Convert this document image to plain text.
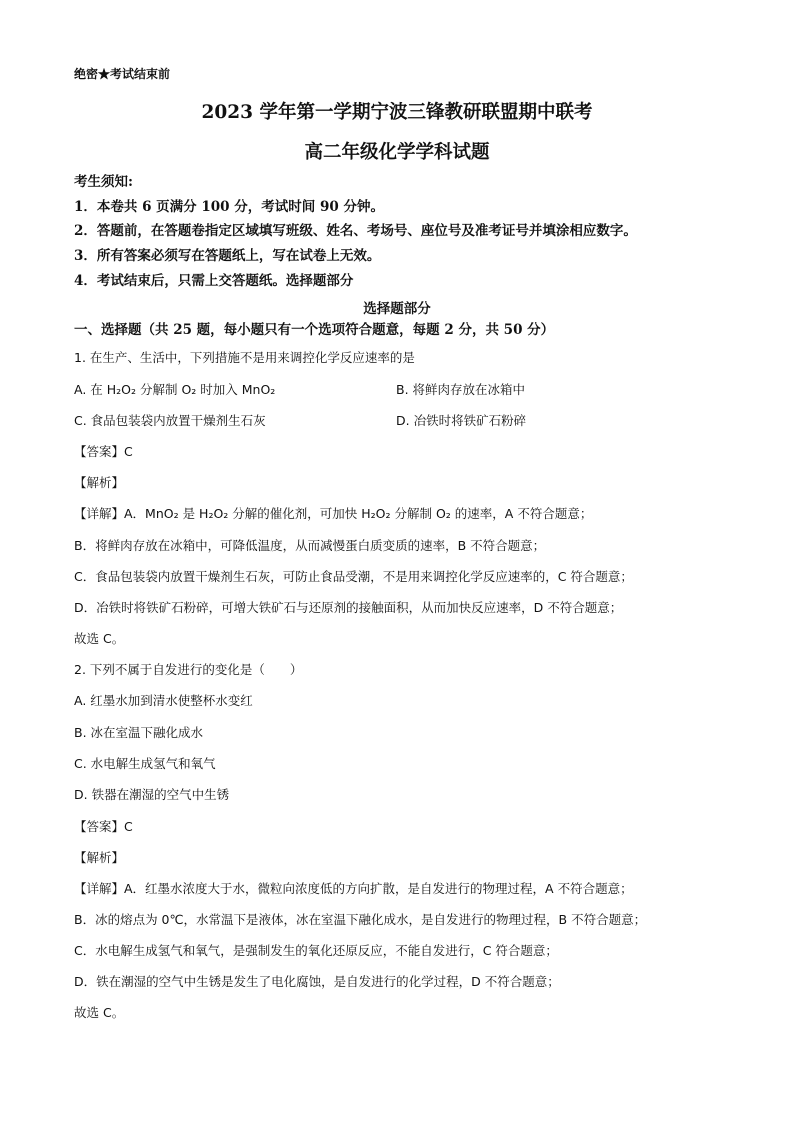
绝密★考试结束前
2023 学年第一学期宁波三锋教研联盟期中联考
高二年级化学学科试题
考生须知:
1．本卷共 6 页满分 100 分，考试时间 90 分钟。
2．答题前，在答题卷指定区域填写班级、姓名、考场号、座位号及准考证号并填涂相应数字。
3．所有答案必须写在答题纸上，写在试卷上无效。
4．考试结束后，只需上交答题纸。选择题部分
选择题部分
一、选择题（共 25 题，每小题只有一个选项符合题意，每题 2 分，共 50 分）
1. 在生产、生活中，下列措施不是用来调控化学反应速率的是
A. 在 H₂O₂ 分解制 O₂ 时加入 MnO₂	B. 将鲜肉存放在冰箱中
C. 食品包装袋内放置干燥剂生石灰	D. 冶铁时将铁矿石粉碎
【答案】C
【解析】
【详解】A．MnO₂ 是 H₂O₂ 分解的催化剂，可加快 H₂O₂ 分解制 O₂ 的速率，A 不符合题意；
B．将鲜肉存放在冰箱中，可降低温度，从而减慢蛋白质变质的速率，B 不符合题意；
C．食品包装袋内放置干燥剂生石灰，可防止食品受潮，不是用来调控化学反应速率的，C 符合题意；
D．冶铁时将铁矿石粉碎，可增大铁矿石与还原剂的接触面积，从而加快反应速率，D 不符合题意；
故选 C。
2. 下列不属于自发进行的变化是（　　）
A. 红墨水加到清水使整杯水变红
B. 冰在室温下融化成水
C. 水电解生成氢气和氧气
D. 铁器在潮湿的空气中生锈
【答案】C
【解析】
【详解】A．红墨水浓度大于水，微粒向浓度低的方向扩散，是自发进行的物理过程，A 不符合题意；
B．冰的熔点为 0℃，水常温下是液体，冰在室温下融化成水，是自发进行的物理过程，B 不符合题意；
C．水电解生成氢气和氧气，是强制发生的氧化还原反应，不能自发进行，C 符合题意；
D．铁在潮湿的空气中生锈是发生了电化腐蚀，是自发进行的化学过程，D 不符合题意；
故选 C。
